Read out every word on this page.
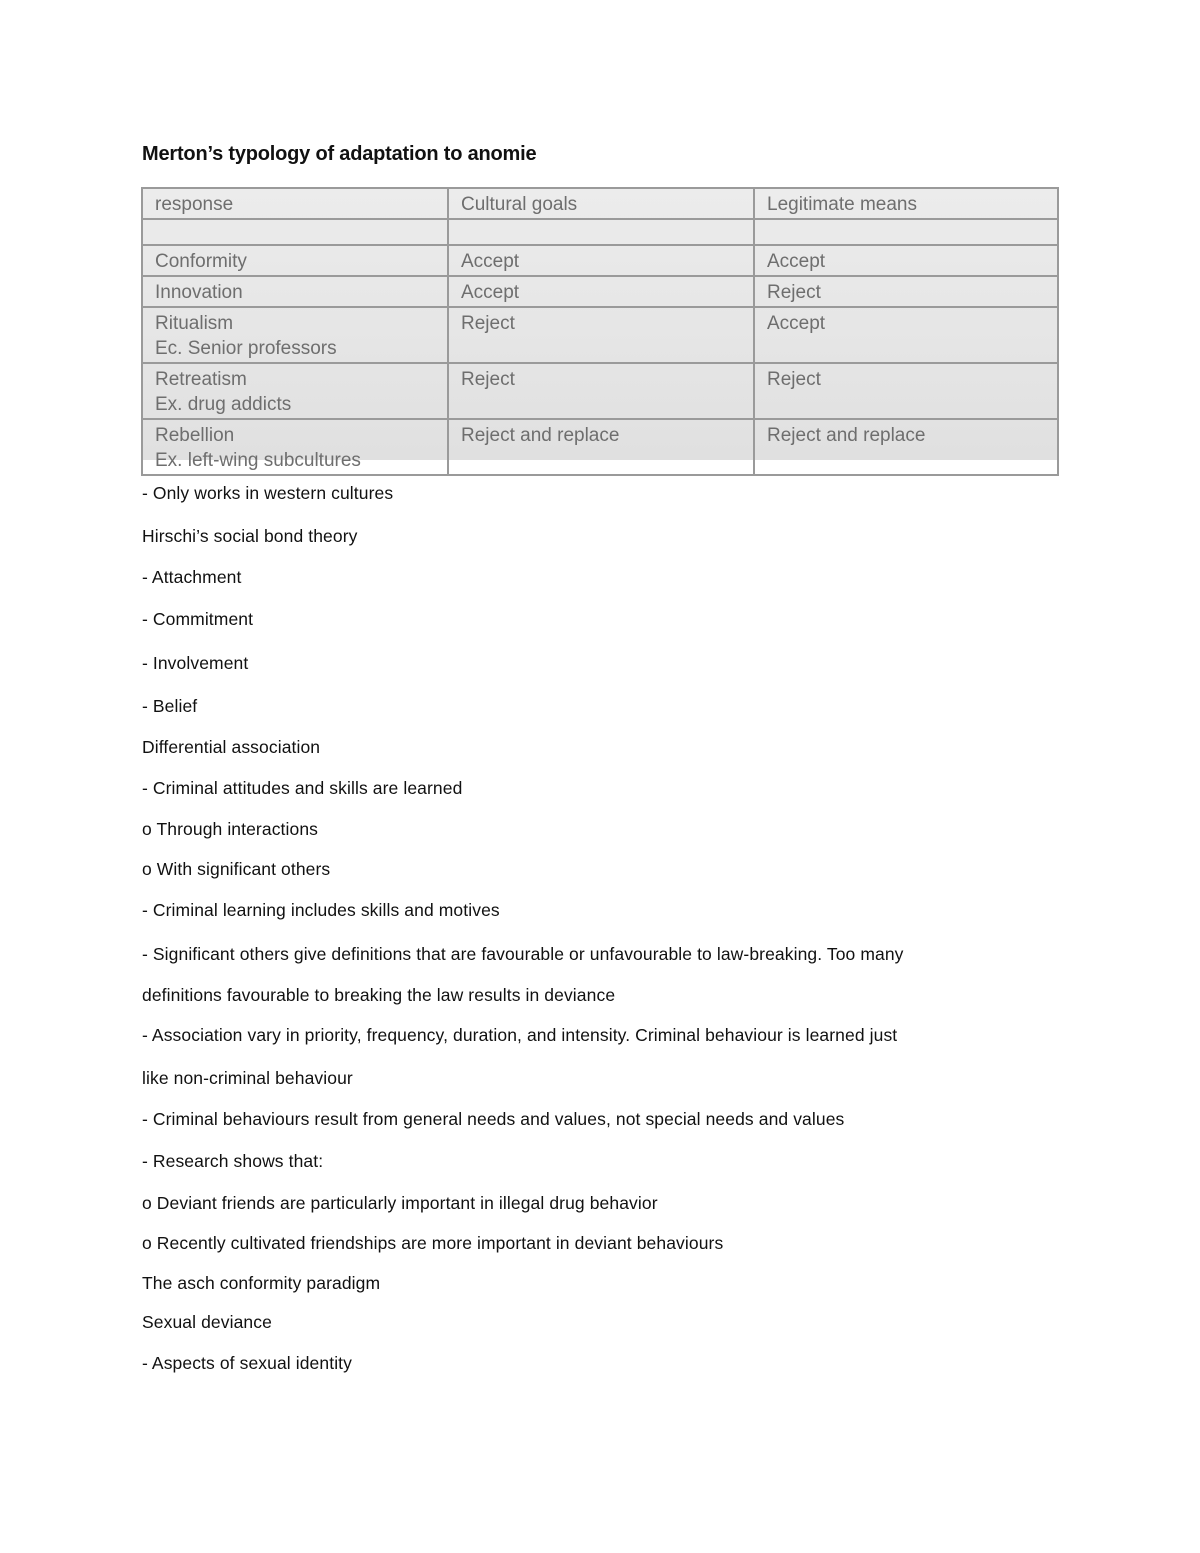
Merton’s typology of adaptation to anomie
response	Cultural goals	Legitimate means

Conformity	Accept	Accept
Innovation	Accept	Reject

Ritualism
Ec. Senior professors	Reject	Accept

Retreatism
Ex. drug addicts	Reject	Reject

Rebellion
Ex. left-wing subcultures	Reject and replace	Reject and replace
- Only works in western cultures
Hirschi’s social bond theory
- Attachment
- Commitment
- Involvement
- Belief
Differential association
- Criminal attitudes and skills are learned
o Through interactions
o With significant others
- Criminal learning includes skills and motives
- Significant others give definitions that are favourable or unfavourable to law-breaking. Too many
definitions favourable to breaking the law results in deviance
- Association vary in priority, frequency, duration, and intensity. Criminal behaviour is learned just
like non-criminal behaviour
- Criminal behaviours result from general needs and values, not special needs and values
- Research shows that:
o Deviant friends are particularly important in illegal drug behavior
o Recently cultivated friendships are more important in deviant behaviours
The asch conformity paradigm
Sexual deviance
- Aspects of sexual identity
